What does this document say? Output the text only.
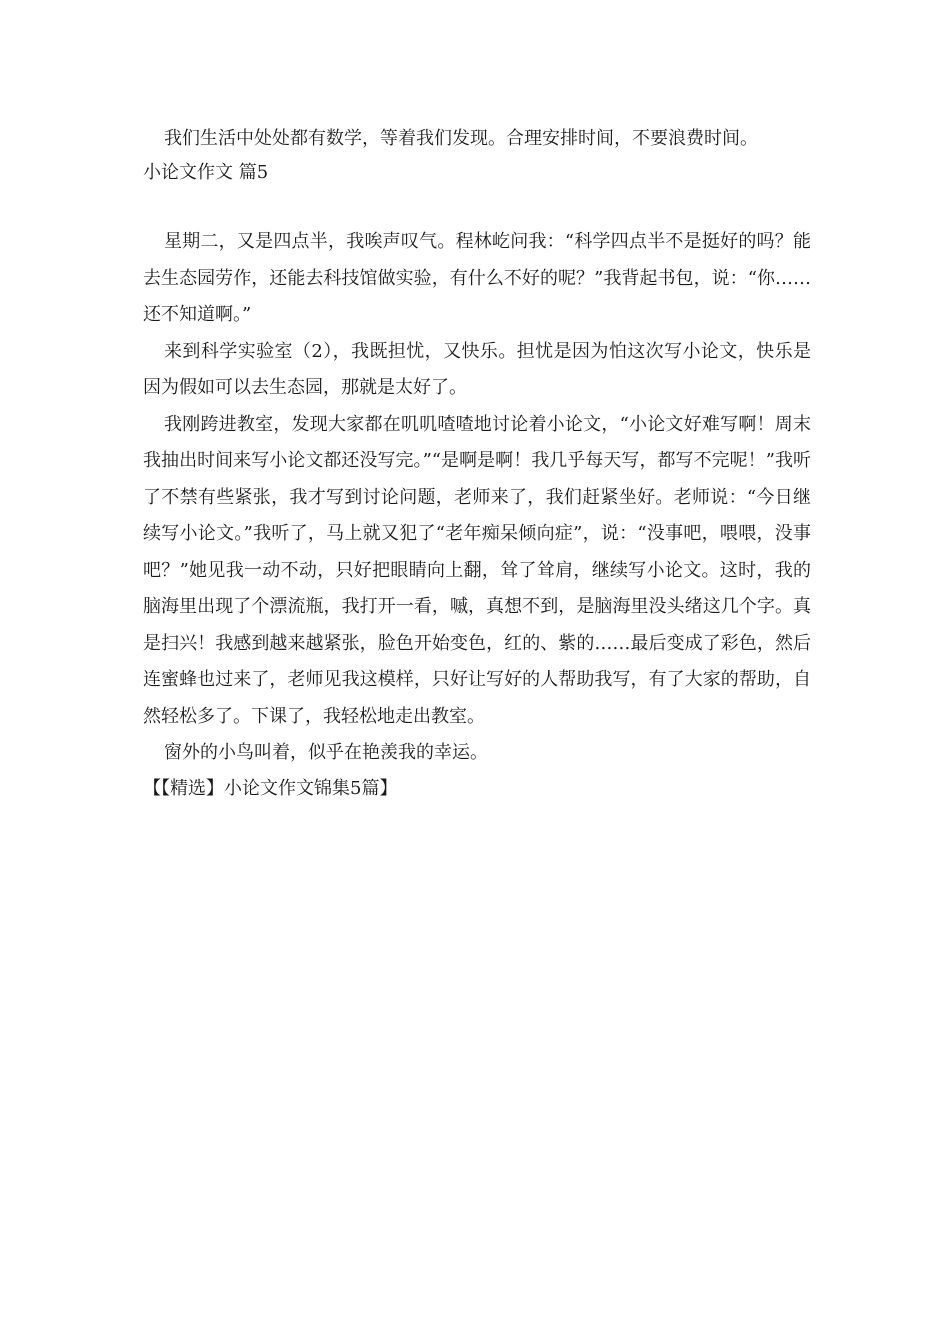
我们生活中处处都有数学，等着我们发现。合理安排时间，不要浪费时间。

小论文作文 篇5

星期二，又是四点半，我唉声叹气。程林屹问我：“科学四点半不是挺好的吗？能去生态园劳作，还能去科技馆做实验，有什么不好的呢？”我背起书包，说：“你……还不知道啊。”

来到科学实验室（2），我既担忧，又快乐。担忧是因为怕这次写小论文，快乐是因为假如可以去生态园，那就是太好了。

我刚跨进教室，发现大家都在叽叽喳喳地讨论着小论文，“小论文好难写啊！周末我抽出时间来写小论文都还没写完。”“是啊是啊！我几乎每天写，都写不完呢！”我听了不禁有些紧张，我才写到讨论问题，老师来了，我们赶紧坐好。老师说：“今日继续写小论文。”我听了，马上就又犯了“老年痴呆倾向症”，说：“没事吧，喂喂，没事吧？”她见我一动不动，只好把眼睛向上翻，耸了耸肩，继续写小论文。这时，我的脑海里出现了个漂流瓶，我打开一看，嘁，真想不到，是脑海里没头绪这几个字。真是扫兴！我感到越来越紧张，脸色开始变色，红的、紫的……最后变成了彩色，然后连蜜蜂也过来了，老师见我这模样，只好让写好的人帮助我写，有了大家的帮助，自然轻松多了。下课了，我轻松地走出教室。

窗外的小鸟叫着，似乎在艳羡我的幸运。

【【精选】小论文作文锦集5篇】
